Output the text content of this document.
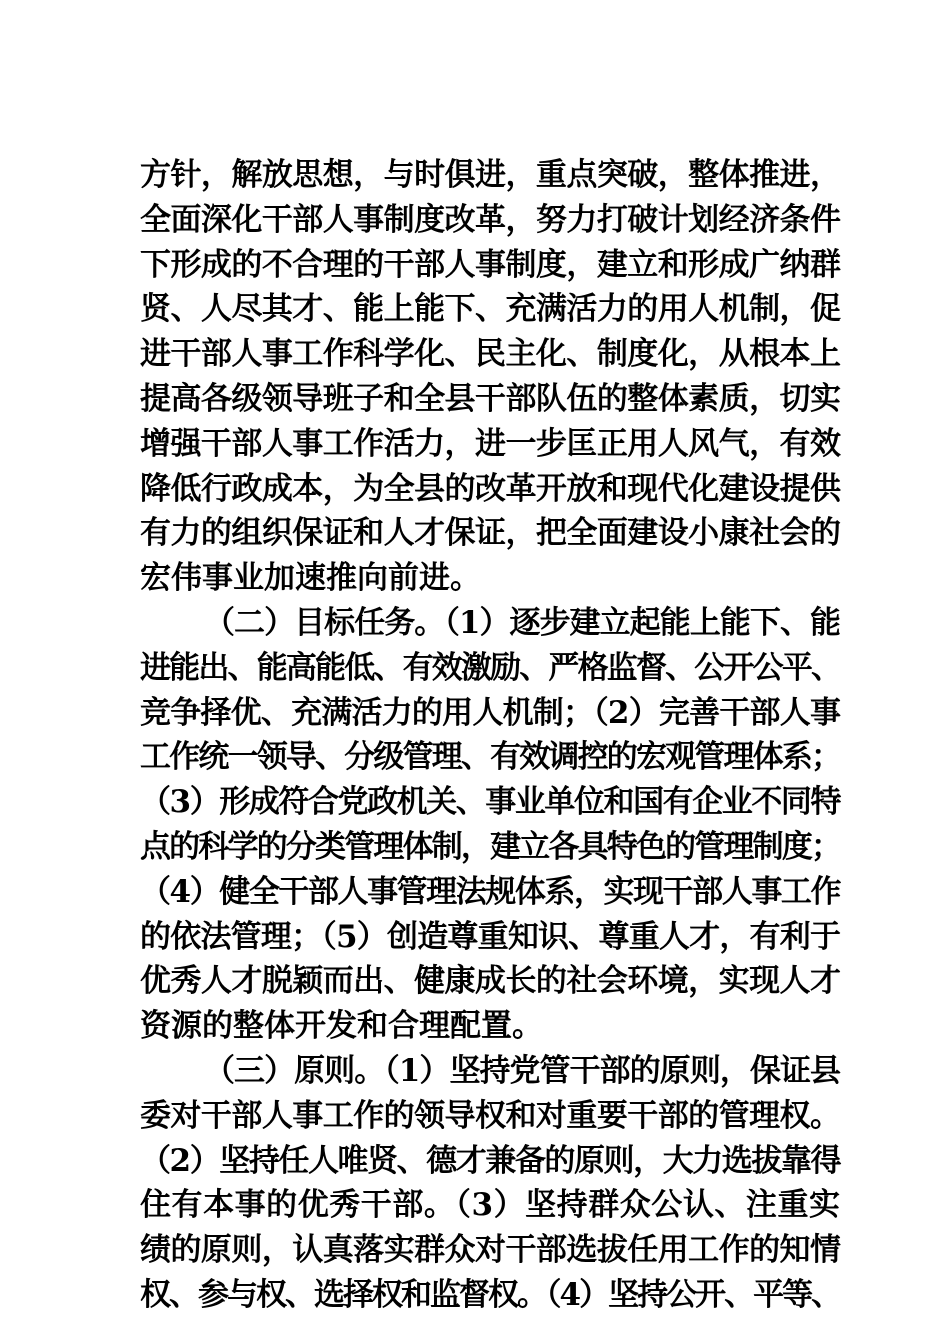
方针，解放思想，与时俱进，重点突破，整体推进，
全面深化干部人事制度改革，努力打破计划经济条件
下形成的不合理的干部人事制度，建立和形成广纳群
贤、人尽其才、能上能下、充满活力的用人机制，促
进干部人事工作科学化、民主化、制度化，从根本上
提高各级领导班子和全县干部队伍的整体素质，切实
增强干部人事工作活力，进一步匡正用人风气，有效
降低行政成本，为全县的改革开放和现代化建设提供
有力的组织保证和人才保证，把全面建设小康社会的
宏伟事业加速推向前进。
（二）目标任务。（1）逐步建立起能上能下、能
进能出、能高能低、有效激励、严格监督、公开公平、
竞争择优、充满活力的用人机制；（2）完善干部人事
工作统一领导、分级管理、有效调控的宏观管理体系；
（3）形成符合党政机关、事业单位和国有企业不同特
点的科学的分类管理体制，建立各具特色的管理制度；
（4）健全干部人事管理法规体系，实现干部人事工作
的依法管理；（5）创造尊重知识、尊重人才，有利于
优秀人才脱颖而出、健康成长的社会环境，实现人才
资源的整体开发和合理配置。
（三）原则。（1）坚持党管干部的原则，保证县
委对干部人事工作的领导权和对重要干部的管理权。
（2）坚持任人唯贤、德才兼备的原则，大力选拔靠得
住有本事的优秀干部。（3）坚持群众公认、注重实
绩的原则，认真落实群众对干部选拔任用工作的知情
权、参与权、选择权和监督权。（4）坚持公开、平等、
